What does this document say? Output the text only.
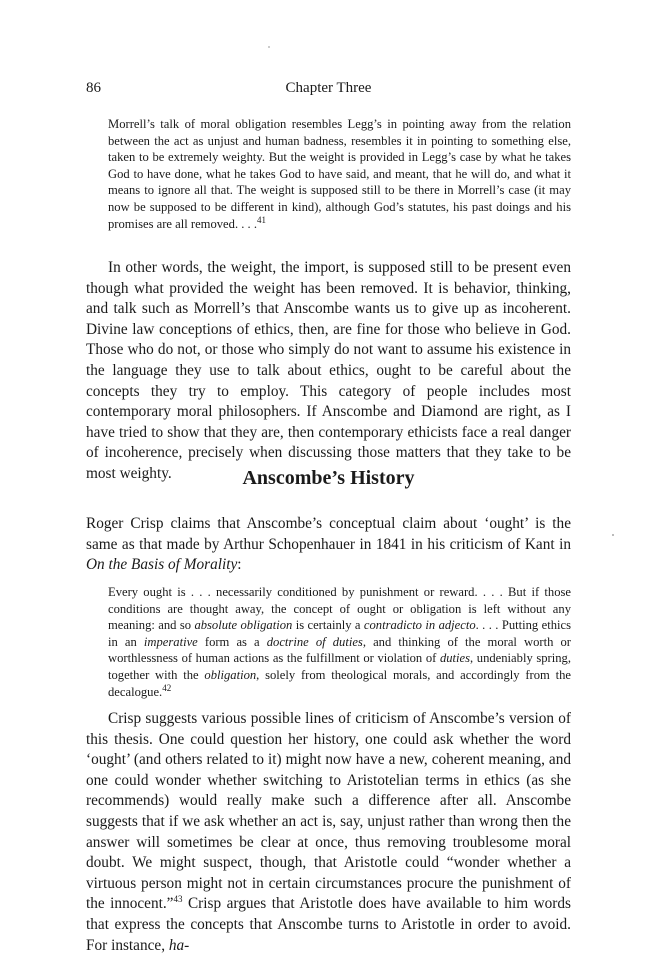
86	Chapter Three

Morrell’s talk of moral obligation resembles Legg’s in pointing away from the relation between the act as unjust and human badness, resembles it in pointing to something else, taken to be extremely weighty. But the weight is provided in Legg’s case by what he takes God to have done, what he takes God to have said, and meant, that he will do, and what it means to ignore all that. The weight is supposed still to be there in Morrell’s case (it may now be supposed to be different in kind), although God’s statutes, his past doings and his promises are all removed. . . .$^{41}$

In other words, the weight, the import, is supposed still to be present even though what provided the weight has been removed. It is behavior, thinking, and talk such as Morrell’s that Anscombe wants us to give up as incoherent. Divine law conceptions of ethics, then, are fine for those who believe in God. Those who do not, or those who simply do not want to assume his existence in the language they use to talk about ethics, ought to be careful about the concepts they try to employ. This category of people includes most contemporary moral philosophers. If Anscombe and Diamond are right, as I have tried to show that they are, then contemporary ethicists face a real danger of incoherence, precisely when discussing those matters that they take to be most weighty.	Anscombe’s History

Roger Crisp claims that Anscombe’s conceptual claim about ‘ought’ is the same as that made by Arthur Schopenhauer in 1841 in his criticism of Kant in On the Basis of Morality:

Every ought is . . . necessarily conditioned by punishment or reward. . . . But if those conditions are thought away, the concept of ought or obligation is left without any meaning: and so absolute obligation is certainly a contradicto in adjecto. . . . Putting ethics in an imperative form as a doctrine of duties, and thinking of the moral worth or worthlessness of human actions as the fulfillment or violation of duties, undeniably spring, together with the obligation, solely from theological morals, and accordingly from the decalogue.$^{42}$

Crisp suggests various possible lines of criticism of Anscombe’s version of this thesis. One could question her history, one could ask whether the word ‘ought’ (and others related to it) might now have a new, coherent meaning, and one could wonder whether switching to Aristotelian terms in ethics (as she recommends) would really make such a difference after all. Anscombe suggests that if we ask whether an act is, say, unjust rather than wrong then the answer will sometimes be clear at once, thus removing troublesome moral doubt. We might suspect, though, that Aristotle could “wonder whether a virtuous person might not in certain circumstances procure the punishment of the innocent.”$^{43}$ Crisp argues that Aristotle does have available to him words that express the concepts that Anscombe turns to Aristotle in order to avoid. For instance, ha-
